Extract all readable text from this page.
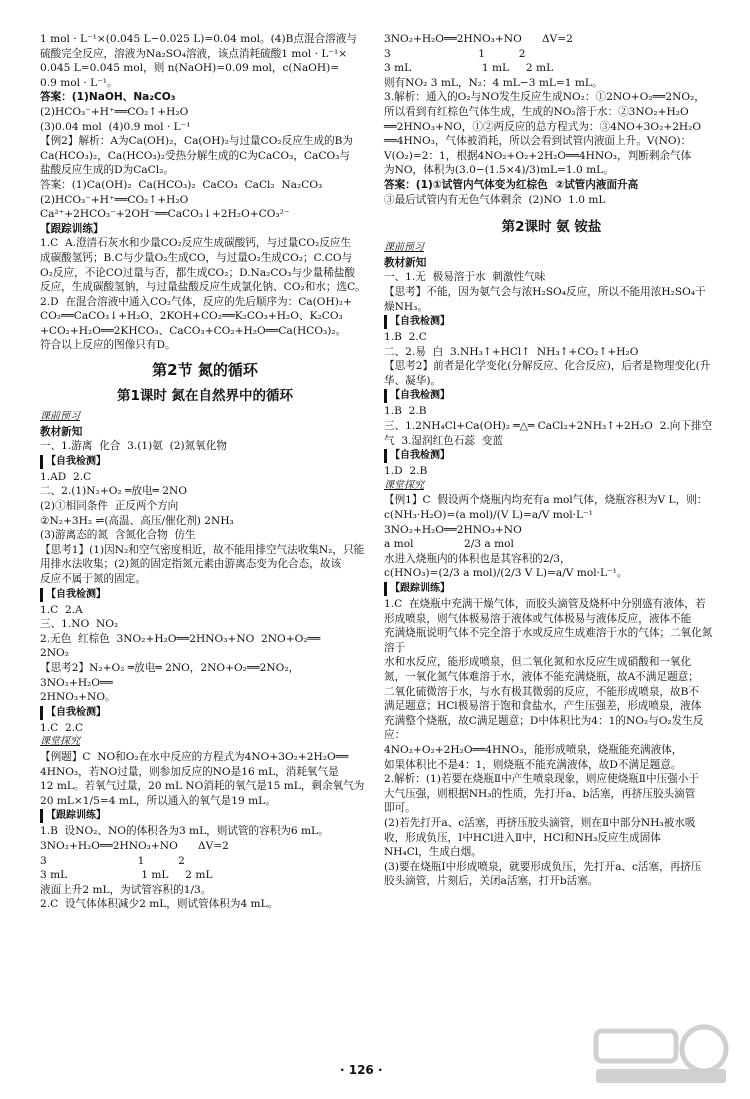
1 mol · L⁻¹×(0.045 L−0.025 L)=0.04 mol。(4)B点混合溶液与

硫酸完全反应，溶液为Na₂SO₄溶液，该点消耗硫酸1 mol · L⁻¹×

0.045 L=0.045 mol，则 n(NaOH)=0.09 mol，c(NaOH)=

0.9 mol · L⁻¹。

答案：(1)NaOH、Na₂CO₃

(2)HCO₃⁻+H⁺══CO₂↑+H₂O

(3)0.04 mol  (4)0.9 mol · L⁻¹

【例2】解析：A为Ca(OH)₂，Ca(OH)₂与过量CO₂反应生成的B为

Ca(HCO₃)₂，Ca(HCO₃)₂受热分解生成的C为CaCO₃，CaCO₃与

盐酸反应生成的D为CaCl₂。

答案：(1)Ca(OH)₂  Ca(HCO₃)₂  CaCO₃  CaCl₂  Na₂CO₃

(2)HCO₃⁻+H⁺══CO₂↑+H₂O

Ca²⁺+2HCO₃⁻+2OH⁻══CaCO₃↓+2H₂O+CO₃²⁻

【跟踪训练】

1.C  A.澄清石灰水和少量CO₂反应生成碳酸钙，与过量CO₂反应生

成碳酸氢钙；B.C与少量O₂生成CO，与过量O₂生成CO₂；C.CO与

O₂反应，不论CO过量与否，都生成CO₂；D.Na₂CO₃与少量稀盐酸

反应，生成碳酸氢钠，与过量盐酸反应生成氯化钠、CO₂和水；选C。

2.D  在混合溶液中通入CO₂气体，反应的先后顺序为：Ca(OH)₂+

CO₂══CaCO₃↓+H₂O、2KOH+CO₂══K₂CO₃+H₂O、K₂CO₃

+CO₂+H₂O══2KHCO₃、CaCO₃+CO₂+H₂O══Ca(HCO₃)₂。

符合以上反应的图像只有D。

第2节 氮的循环
第1课时 氮在自然界中的循环
课前预习
教材新知

一、1.游离  化合  3.(1)氨  (2)氮氧化物

【自我检测】

1.AD  2.C

二、2.(1)N₂+O₂ ═放电═ 2NO

(2)①相同条件  正反两个方向

②N₂+3H₂ ⇌(高温、高压/催化剂) 2NH₃

(3)游离态的氮  含氮化合物  仿生

【思考1】(1)因N₂和空气密度相近，故不能用排空气法收集N₂，只能

用排水法收集；(2)氮的固定指氮元素由游离态变为化合态，故该

反应不属于氮的固定。

【自我检测】

1.C  2.A

三、1.NO  NO₂

2.无色  红棕色  3NO₂+H₂O══2HNO₃+NO  2NO+O₂══

2NO₂

【思考2】N₂+O₂ ═放电═ 2NO，2NO+O₂══2NO₂，3NO₂+H₂O══

2HNO₃+NO。

【自我检测】

1.C  2.C

课堂探究

【例题】C  NO和O₂在水中反应的方程式为4NO+3O₂+2H₂O══

4HNO₃，若NO过量，则参加反应的NO是16 mL，消耗氧气是

12 mL。若氧气过量，20 mL NO消耗的氧气是15 mL，剩余氧气为

20 mL×1/5=4 mL，所以通入的氧气是19 mL。

【跟踪训练】

1.B  设NO₂、NO的体积各为3 mL，则试管的容积为6 mL。

3NO₂+H₂O══2HNO₃+NO      ΔV=2

3                           1          2

3 mL                      1 mL     2 mL

液面上升2 mL，为试管容积的1/3。

2.C  设气体体积减少2 mL，则试管体积为4 mL。

3NO₂+H₂O══2HNO₃+NO      ΔV=2

3                          1          2

3 mL                     1 mL     2 mL

则有NO₂ 3 mL，N₂：4 mL−3 mL=1 mL。

3.解析：通入的O₂与NO发生反应生成NO₂：①2NO+O₂══2NO₂，

所以看到有红棕色气体生成，生成的NO₂溶于水：②3NO₂+H₂O

══2HNO₃+NO，①②两反应的总方程式为：③4NO+3O₂+2H₂O

══4HNO₃，气体被消耗，所以会看到试管内液面上升。V(NO)：

V(O₂)=2：1，根据4NO₂+O₂+2H₂O══4HNO₃，判断剩余气体

为NO，体积为(3.0−(1.5×4)/3)mL=1.0 mL。

答案：(1)①试管内气体变为红棕色  ②试管内液面升高

③最后试管内有无色气体剩余  (2)NO  1.0 mL

第2课时 氨 铵盐
课前预习
教材新知

一、1.无  极易溶于水  刺激性气味

【思考】不能，因为氨气会与浓H₂SO₄反应，所以不能用浓H₂SO₄干

燥NH₃。

【自我检测】

1.B  2.C

二、2.易  白  3.NH₃↑+HCl↑  NH₃↑+CO₂↑+H₂O

【思考2】前者是化学变化(分解反应、化合反应)，后者是物理变化(升

华、凝华)。

【自我检测】

1.B  2.B

三、1.2NH₄Cl+Ca(OH)₂ ═△═ CaCl₂+2NH₃↑+2H₂O  2.向下排空

气  3.湿润红色石蕊  变蓝

【自我检测】

1.D  2.B

课堂探究

【例1】C  假设两个烧瓶内均充有a mol气体，烧瓶容积为V L，则：

c(NH₃·H₂O)=(a mol)/(V L)=a/V mol·L⁻¹

3NO₂+H₂O══2HNO₃+NO

a mol               2/3 a mol

水进入烧瓶内的体积也是其容积的2/3，

c(HNO₃)=(2/3 a mol)/(2/3 V L)=a/V mol·L⁻¹。

【跟踪训练】

1.C  在烧瓶中充满干燥气体，而胶头滴管及烧杯中分别盛有液体，若

形成喷泉，则气体极易溶于液体或气体极易与液体反应，液体不能

充满烧瓶说明气体不完全溶于水或反应生成难溶于水的气体；二氧化氮溶于

水和水反应，能形成喷泉，但二氧化氮和水反应生成硝酸和一氧化

氮，一氧化氮气体难溶于水，液体不能充满烧瓶，故A不满足题意；

二氧化硫微溶于水，与水有极其微弱的反应，不能形成喷泉，故B不

满足题意；HCl极易溶于饱和食盐水，产生压强差，形成喷泉，液体

充满整个烧瓶，故C满足题意；D中体积比为4：1的NO₂与O₂发生反应：

4NO₂+O₂+2H₂O══4HNO₃，能形成喷泉，烧瓶能充满液体，

如果体积比不是4：1，则烧瓶不能充满液体，故D不满足题意。

2.解析：(1)若要在烧瓶Ⅱ中产生喷泉现象，则应使烧瓶Ⅱ中压强小于

大气压强，则根据NH₃的性质，先打开a、b活塞，再挤压胶头滴管

即可。

(2)若先打开a、c活塞，再挤压胶头滴管，则在Ⅱ中部分NH₃被水吸

收，形成负压，Ⅰ中HCl进入Ⅱ中，HCl和NH₃反应生成固体

NH₄Cl，生成白烟。

(3)要在烧瓶Ⅰ中形成喷泉，就要形成负压，先打开a、c活塞，再挤压

胶头滴管，片刻后，关闭a活塞，打开b活塞。

· 126 ·
